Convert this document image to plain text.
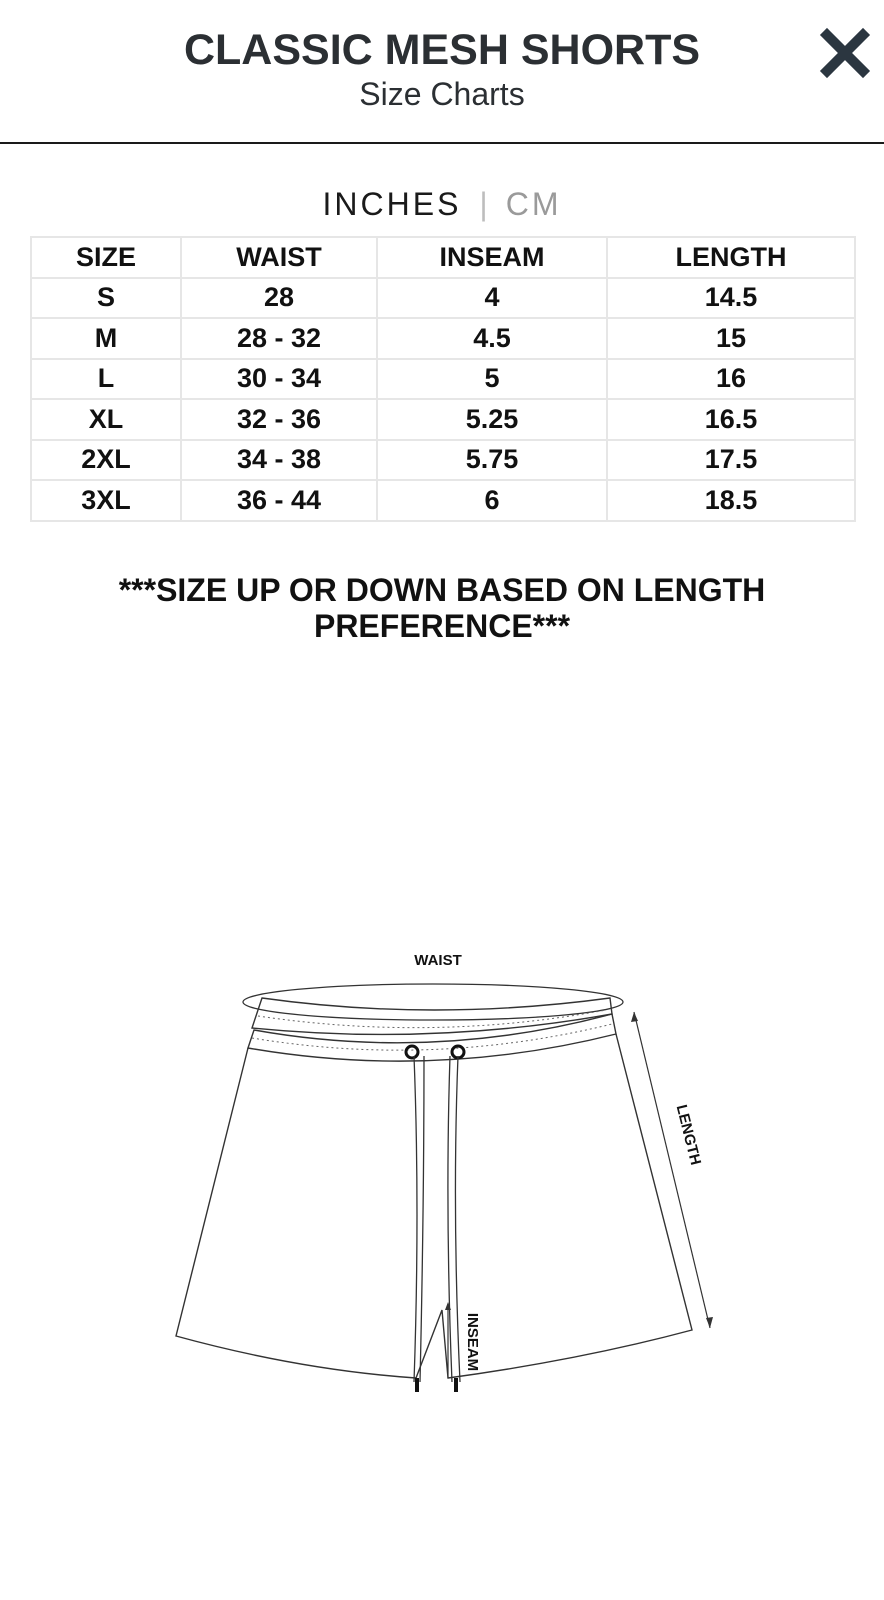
CLASSIC MESH SHORTS
Size Charts
INCHES | CM
SIZE	WAIST	INSEAM	LENGTH
S	28	4	14.5
M	28 - 32	4.5	15
L	30 - 34	5	16
XL	32 - 36	5.25	16.5
2XL	34 - 38	5.75	17.5
3XL	36 - 44	6	18.5
***SIZE UP OR DOWN BASED ON LENGTH PREFERENCE***
WAIST
LENGTH
INSEAM
